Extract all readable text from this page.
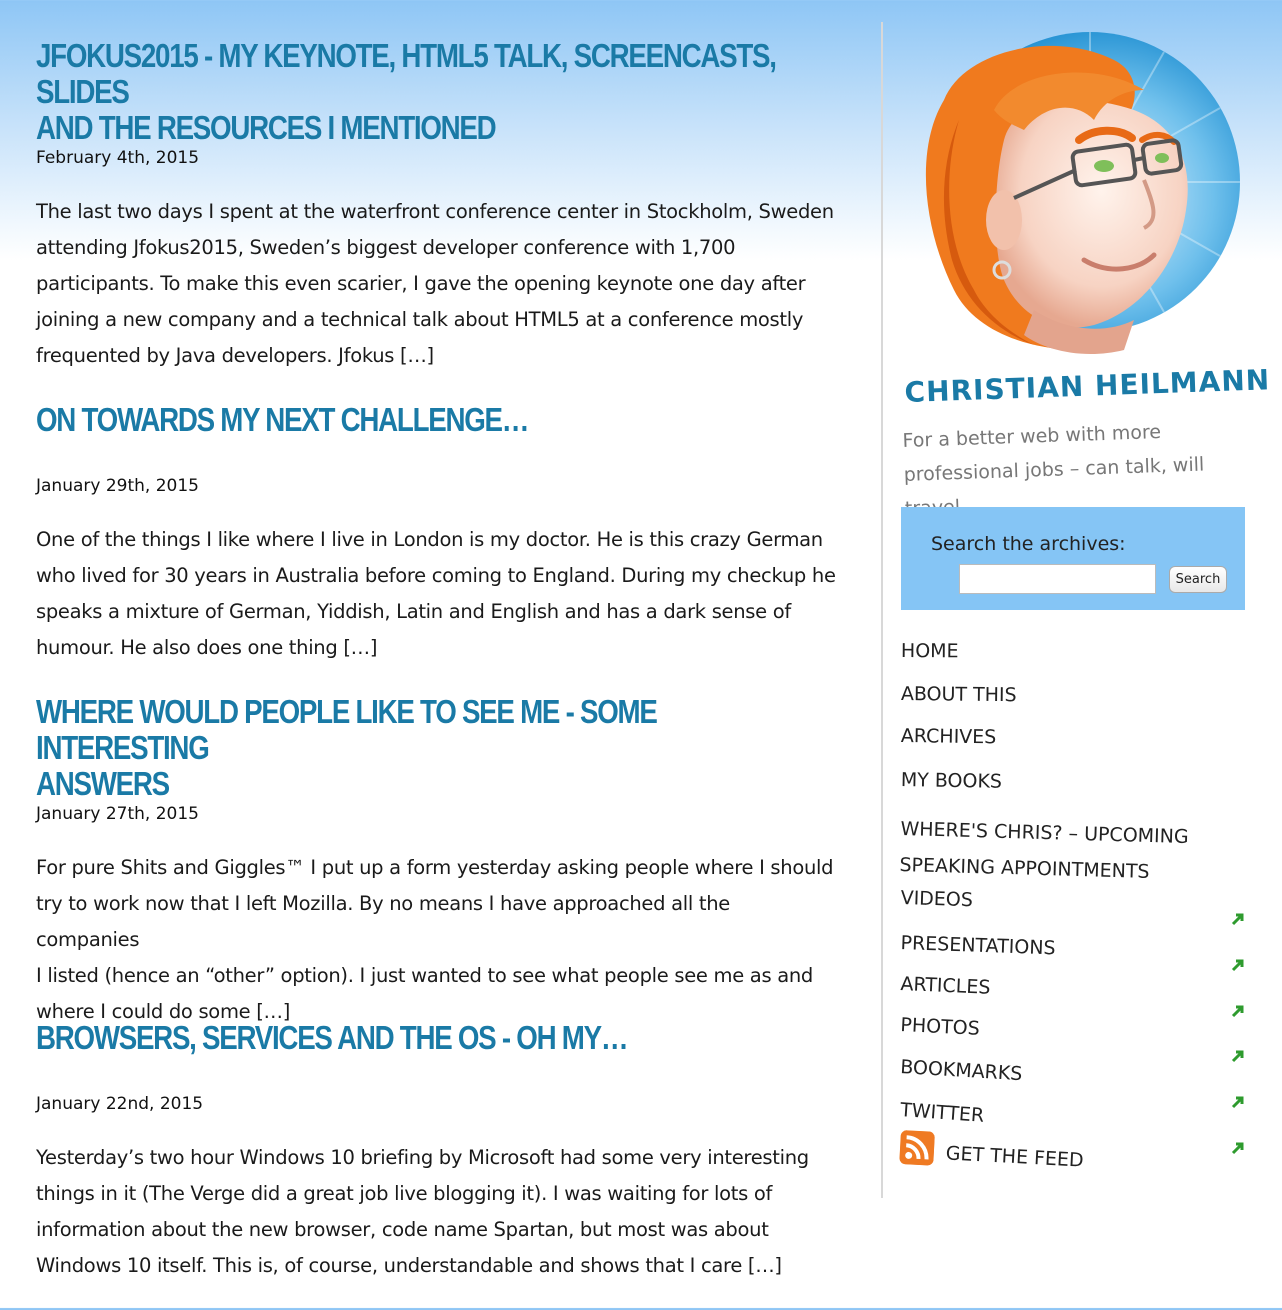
JFOKUS2015 - MY KEYNOTE, HTML5 TALK, SCREENCASTS, SLIDES
AND THE RESOURCES I MENTIONED
February 4th, 2015

The last two days I spent at the waterfront conference center in Stockholm, Sweden
attending Jfokus2015, Sweden’s biggest developer conference with 1,700
participants. To make this even scarier, I gave the opening keynote one day after
joining a new company and a technical talk about HTML5 at a conference mostly
frequented by Java developers. Jfokus […]

ON TOWARDS MY NEXT CHALLENGE…
January 29th, 2015

One of the things I like where I live in London is my doctor. He is this crazy German
who lived for 30 years in Australia before coming to England. During my checkup he
speaks a mixture of German, Yiddish, Latin and English and has a dark sense of
humour. He also does one thing […]

WHERE WOULD PEOPLE LIKE TO SEE ME - SOME INTERESTING
ANSWERS
January 27th, 2015

For pure Shits and Giggles™ I put up a form yesterday asking people where I should
try to work now that I left Mozilla. By no means I have approached all the companies
I listed (hence an “other” option). I just wanted to see what people see me as and
where I could do some […]

BROWSERS, SERVICES AND THE OS - OH MY…
January 22nd, 2015

Yesterday’s two hour Windows 10 briefing by Microsoft had some very interesting
things in it (The Verge did a great job live blogging it). I was waiting for lots of
information about the new browser, code name Spartan, but most was about
Windows 10 itself. This is, of course, understandable and shows that I care […]

CHRISTIAN HEILMANN
For a better web with more
professional jobs – can talk, will
Search the archives:
Search
HOME
ABOUT THIS
ARCHIVES
MY BOOKS
WHERE'S CHRIS? – UPCOMING
SPEAKING APPOINTMENTS
VIDEOS
PRESENTATIONS
ARTICLES
PHOTOS
BOOKMARKS
TWITTER
GET THE FEED
